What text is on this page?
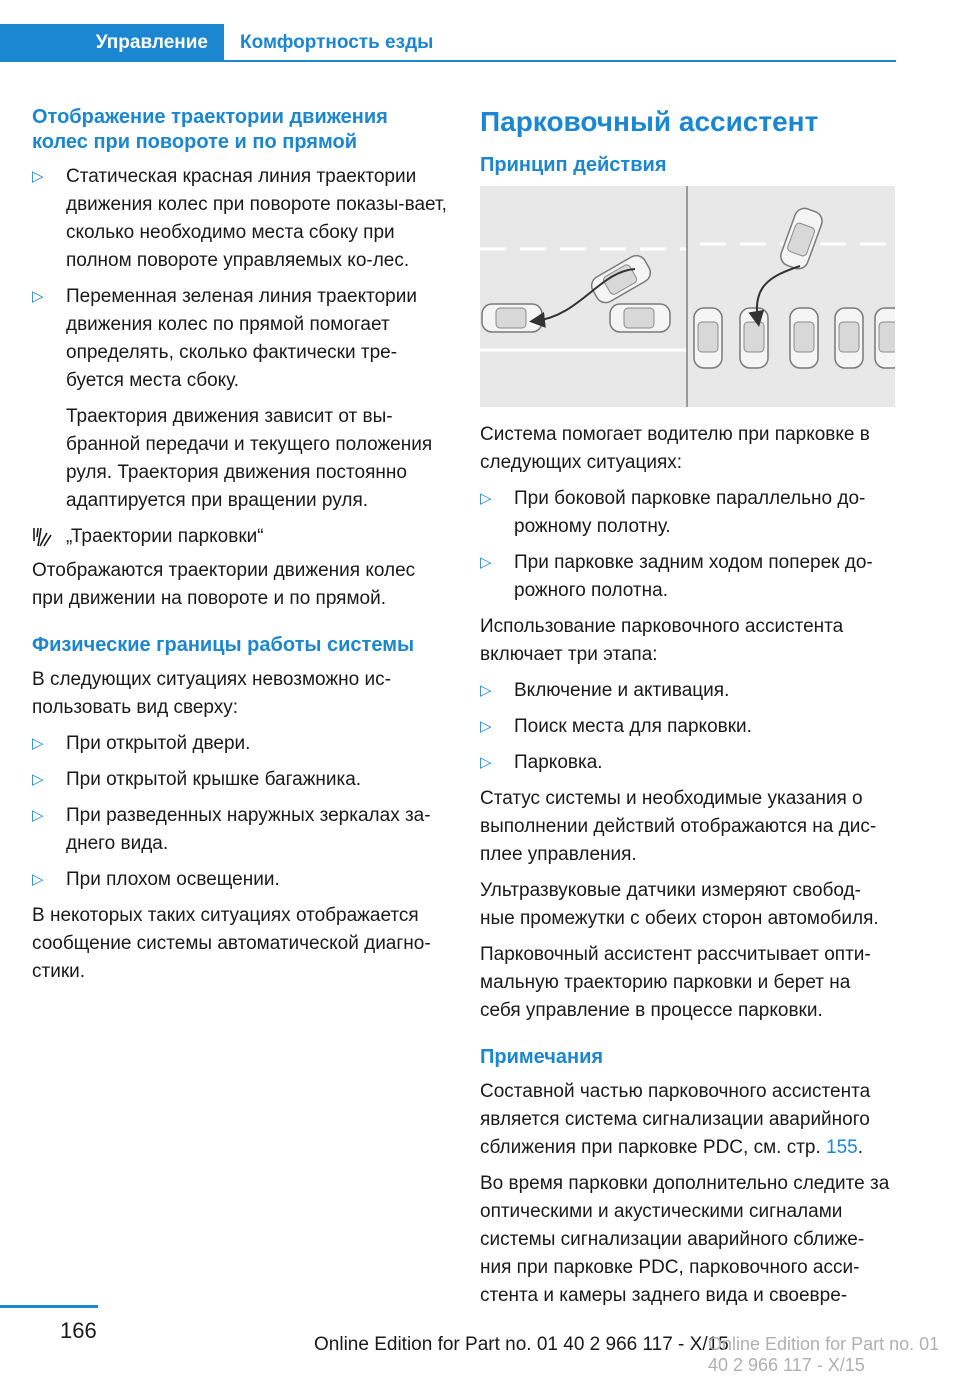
Управление	Комфортность езды
Отображение траектории движения колес при повороте и по прямой
▷ Статическая красная линия траектории движения колес при повороте показы-вает, сколько необходимо места сбоку при полном повороте управляемых ко-лес.
▷ Переменная зеленая линия траектории движения колес по прямой помогает определять, сколько фактически тре-буется места сбоку.

Траектория движения зависит от вы-бранной передачи и текущего положения руля. Траектория движения постоянно адаптируется при вращении руля.

„Траектории парковки“

Отображаются траектории движения колес при движении на повороте и по прямой.

Физические границы работы системы

В следующих ситуациях невозможно ис-пользовать вид сверху:

▷ При открытой двери.
▷ При открытой крышке багажника.
▷ При разведенных наружных зеркалах за-днего вида.
▷ При плохом освещении.

В некоторых таких ситуациях отображается сообщение системы автоматической диагно-стики.

Парковочный ассистент
Принцип действия

Система помогает водителю при парковке в следующих ситуациях:

▷ При боковой парковке параллельно до-рожному полотну.
▷ При парковке задним ходом поперек до-рожного полотна.

Использование парковочного ассистента включает три этапа:

▷ Включение и активация.
▷ Поиск места для парковки.
▷ Парковка.

Статус системы и необходимые указания о выполнении действий отображаются на дис-плее управления.

Ультразвуковые датчики измеряют свобод-ные промежутки с обеих сторон автомобиля.

Парковочный ассистент рассчитывает опти-мальную траекторию парковки и берет на себя управление в процессе парковки.

Примечания

Составной частью парковочного ассистента является система сигнализации аварийного сближения при парковке PDC, см. стр. 155.

Во время парковки дополнительно следите за оптическими и акустическими сигналами системы сигнализации аварийного сближе-ния при парковке PDC, парковочного асси-стента и камеры заднего вида и своевре-

166
Online Edition for Part no. 01 40 2 966 117 - X/15
Online Edition for Part no. 01 40 2 966 117 - X/15
